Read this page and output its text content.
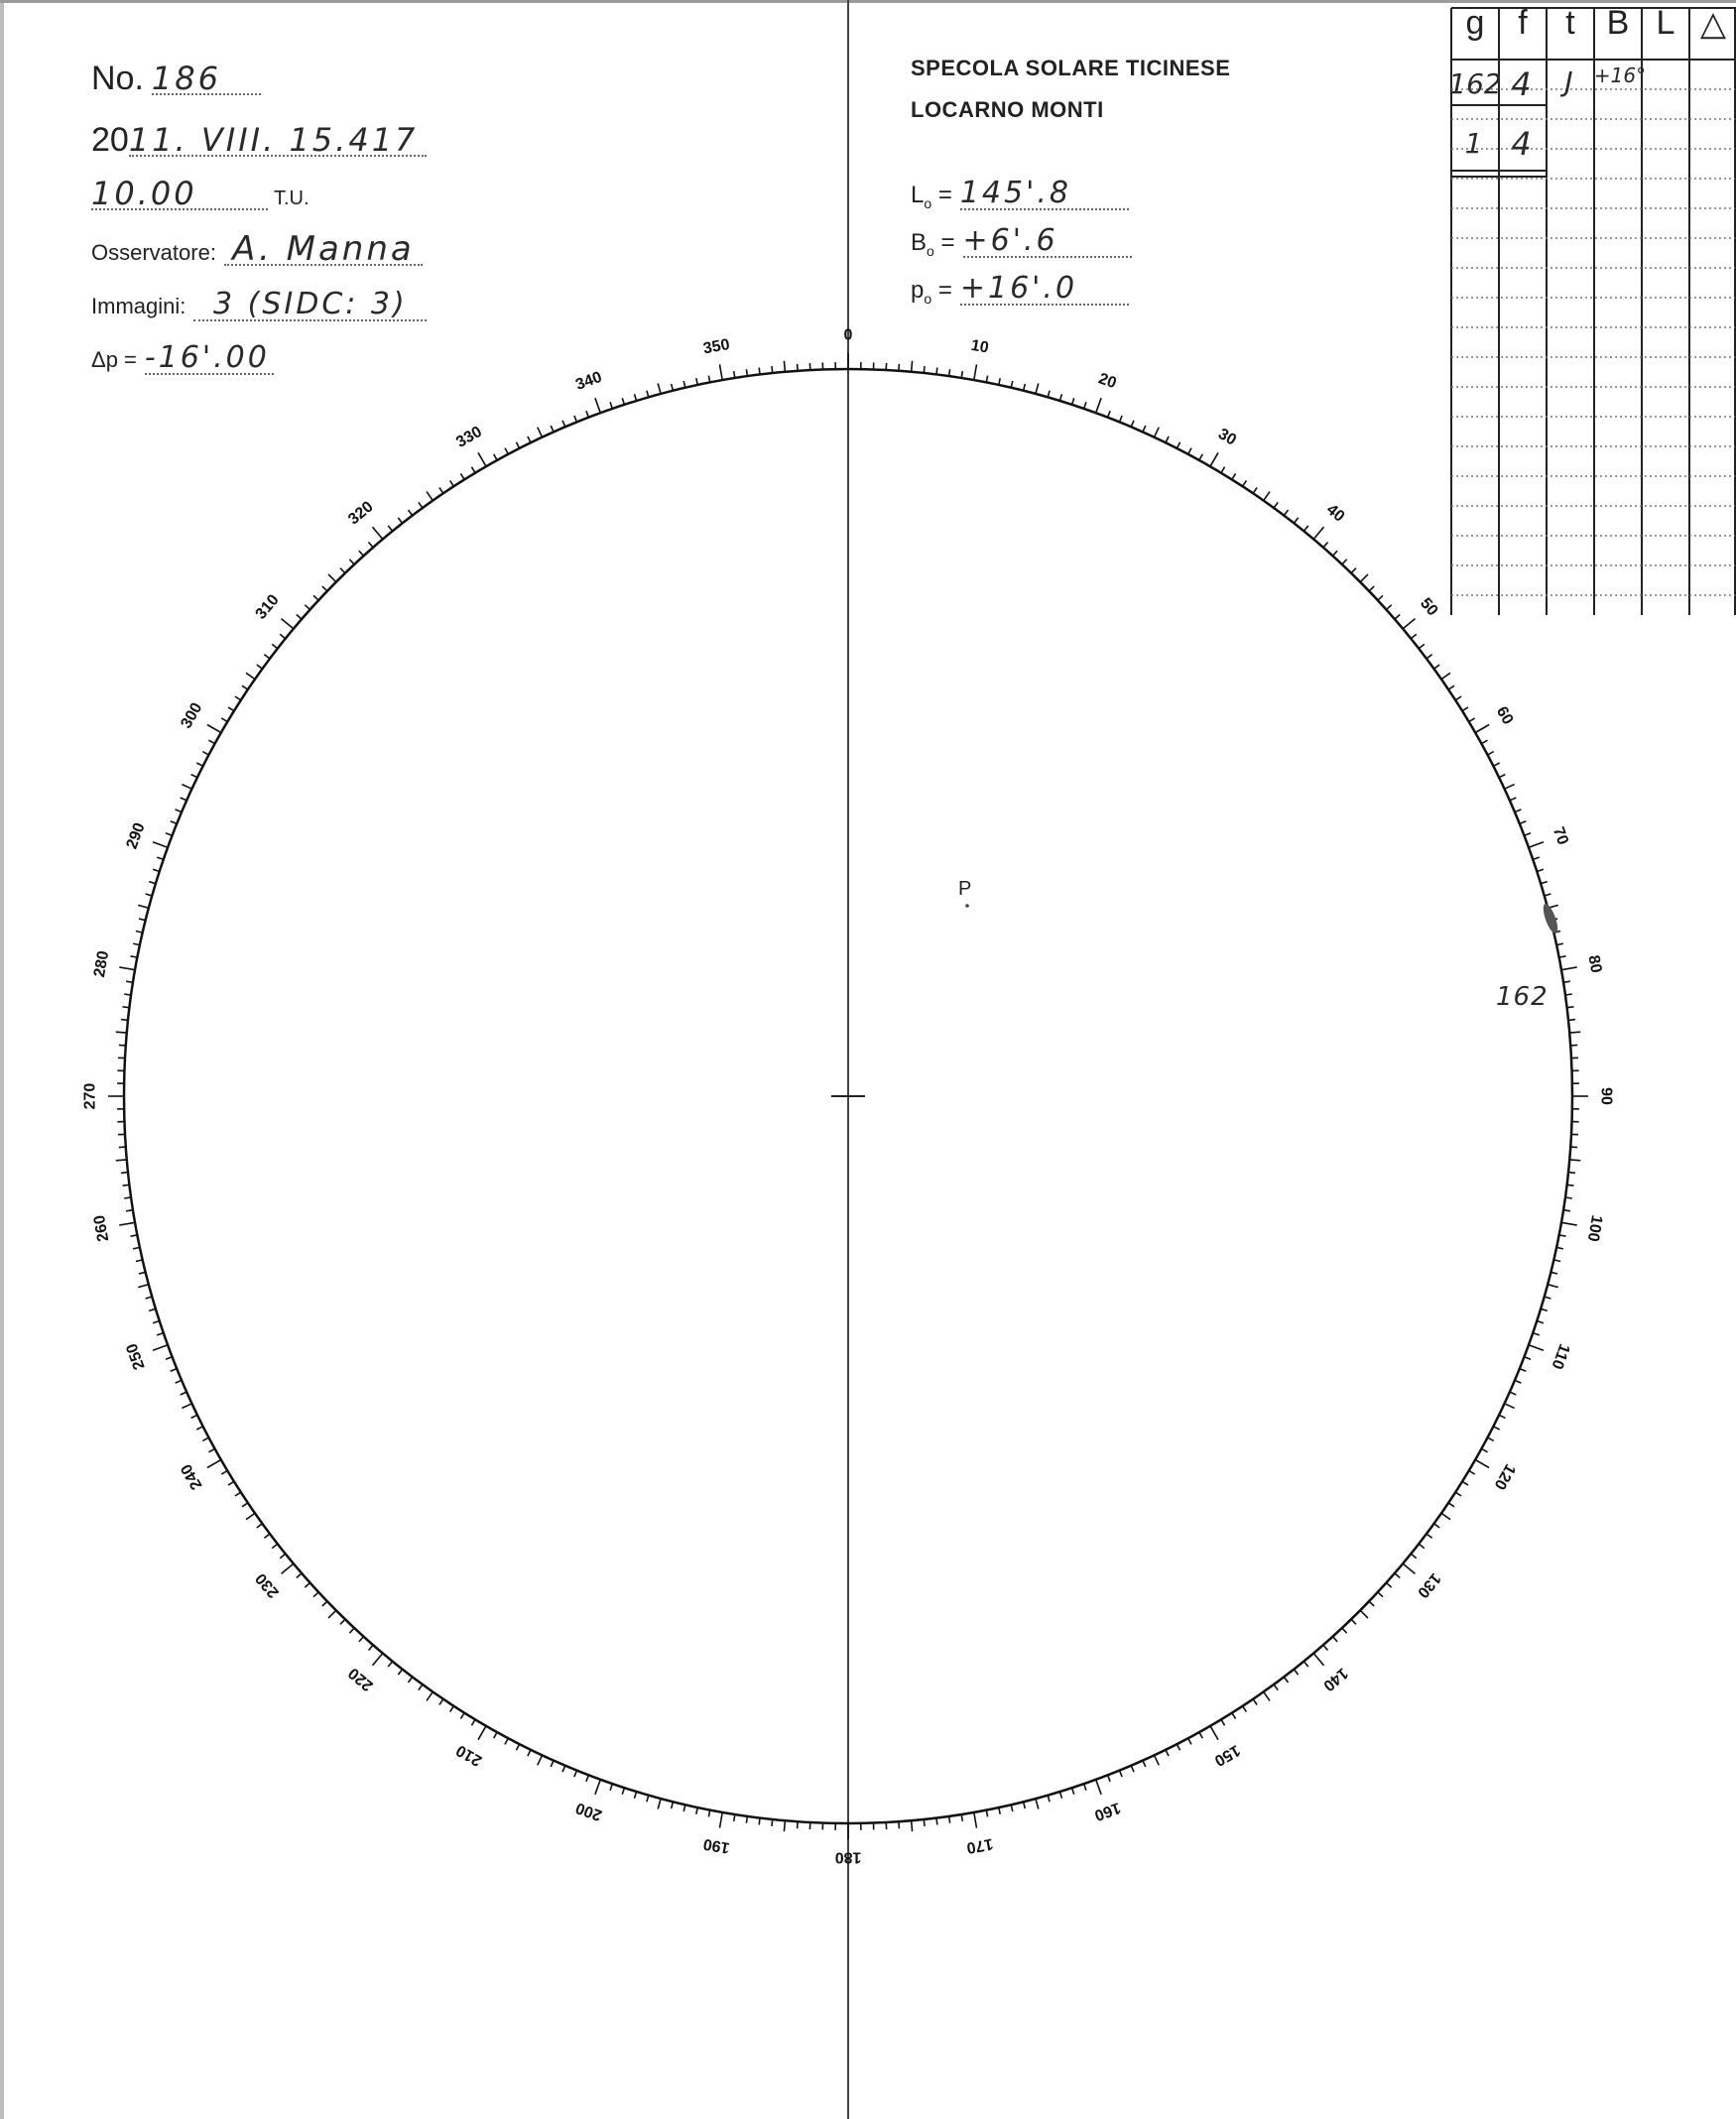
No. 186
20 11. VIII. 15.417
10.00	T.U.
Osservatore: A. Manna
Immagini: 3 (SIDC: 3)
Δp = -16'.00
SPECOLA SOLARE TICINESE
LOCARNO MONTI
$L_o = 145'.8$
$B_o = +6'.6$
$p_o = +16'.0$
g f	t B L △
162 4	J +16°
1 4
0
10
20
30
40
50
60
70
80
90
100
110
120
130
140
150
160
170
180
190
200
210
220
230
240
250
260
270
280
290
300
310
320
330
340
350
P
162
